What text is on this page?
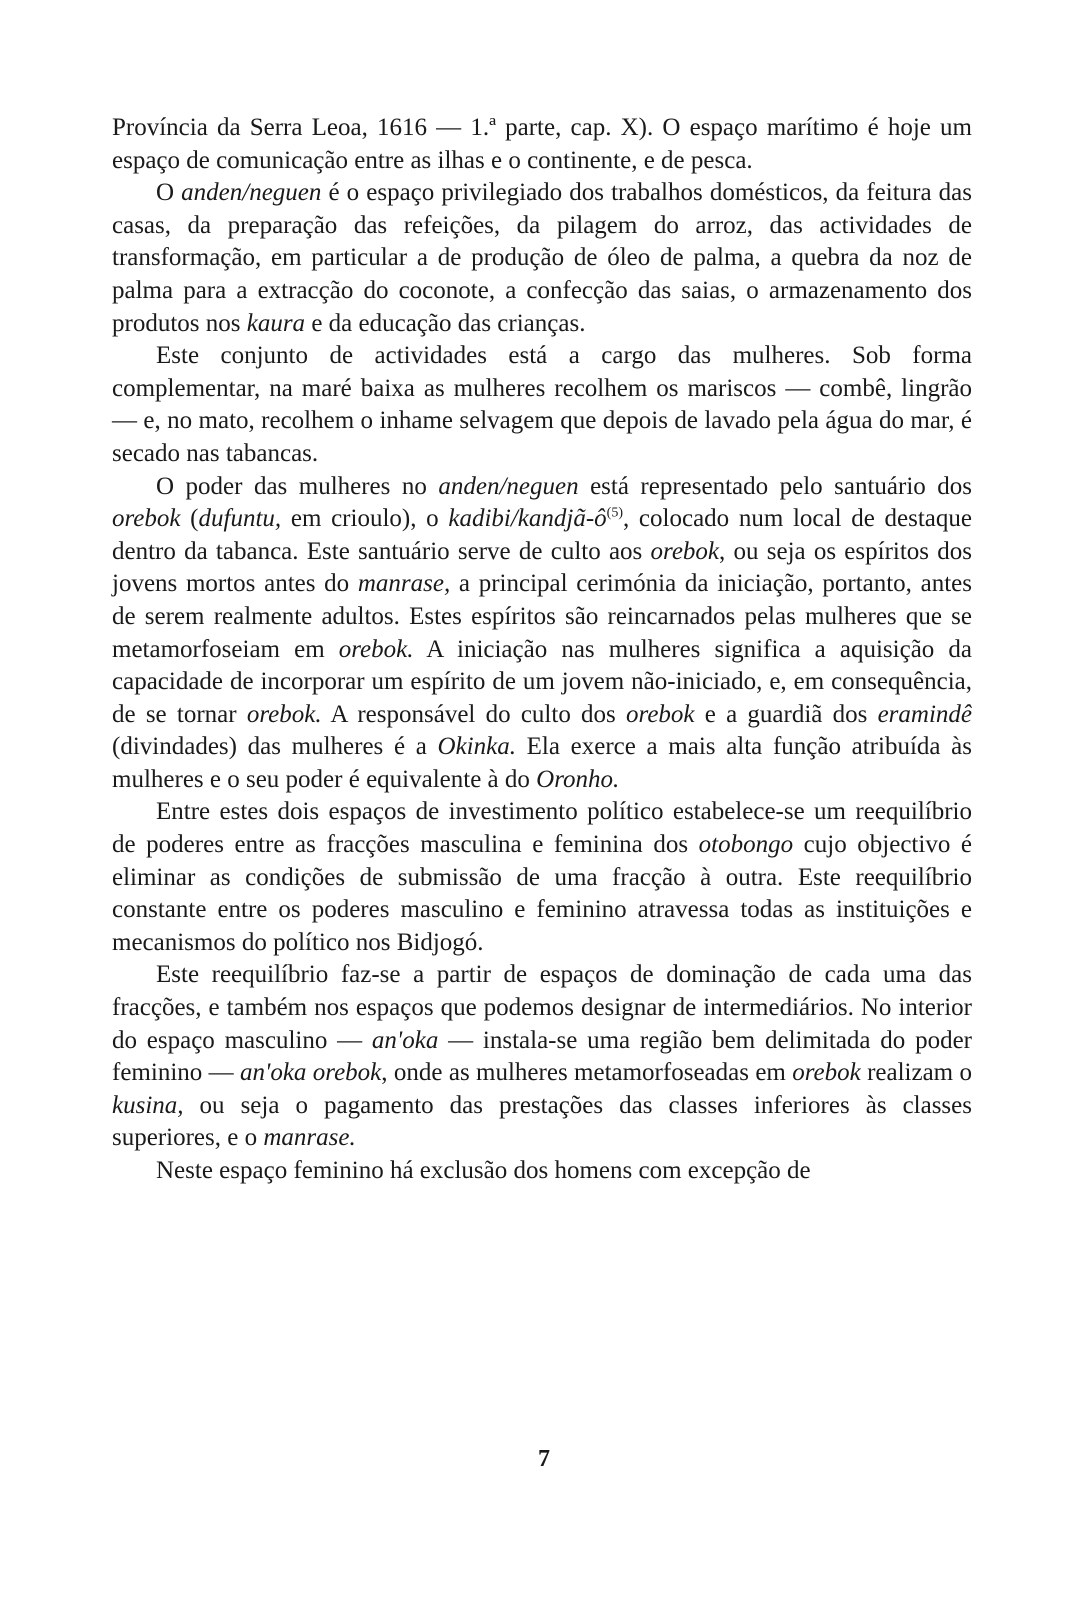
Província da Serra Leoa, 1616 — 1.ª parte, cap. X). O espaço marítimo é hoje um espaço de comunicação entre as ilhas e o continente, e de pesca.

O anden/neguen é o espaço privilegiado dos trabalhos domésticos, da feitura das casas, da preparação das refeições, da pilagem do arroz, das actividades de transformação, em particular a de produção de óleo de palma, a quebra da noz de palma para a extracção do coconote, a confecção das saias, o armazenamento dos produtos nos kaura e da educação das crianças.

Este conjunto de actividades está a cargo das mulheres. Sob forma complementar, na maré baixa as mulheres recolhem os mariscos — combê, lingrão — e, no mato, recolhem o inhame selvagem que depois de lavado pela água do mar, é secado nas tabancas.

O poder das mulheres no anden/neguen está representado pelo santuário dos orebok (dufuntu, em crioulo), o kadibi/$kandjã-ô^{(5)}$, colocado num local de destaque dentro da tabanca. Este santuário serve de culto aos orebok, ou seja os espíritos dos jovens mortos antes do manrase, a principal cerimónia da iniciação, portanto, antes de serem realmente adultos. Estes espíritos são reincarnados pelas mulheres que se metamorfoseiam em orebok. A iniciação nas mulheres significa a aquisição da capacidade de incorporar um espírito de um jovem não-iniciado, e, em consequência, de se tornar orebok. A responsável do culto dos orebok e a guardiã dos eramindê (divindades) das mulheres é a Okinka. Ela exerce a mais alta função atribuída às mulheres e o seu poder é equivalente à do Oronho.

Entre estes dois espaços de investimento político estabelece-se um reequilíbrio de poderes entre as fracções masculina e feminina dos otobongo cujo objectivo é eliminar as condições de submissão de uma fracção à outra. Este reequilíbrio constante entre os poderes masculino e feminino atravessa todas as instituições e mecanismos do político nos Bidjogó.

Este reequilíbrio faz-se a partir de espaços de dominação de cada uma das fracções, e também nos espaços que podemos designar de intermediários. No interior do espaço masculino — an'oka — instala-se uma região bem delimitada do poder feminino — an'oka orebok, onde as mulheres metamorfoseadas em orebok realizam o kusina, ou seja o pagamento das prestações das classes inferiores às classes superiores, e o manrase.

Neste espaço feminino há exclusão dos homens com excepção de

7
